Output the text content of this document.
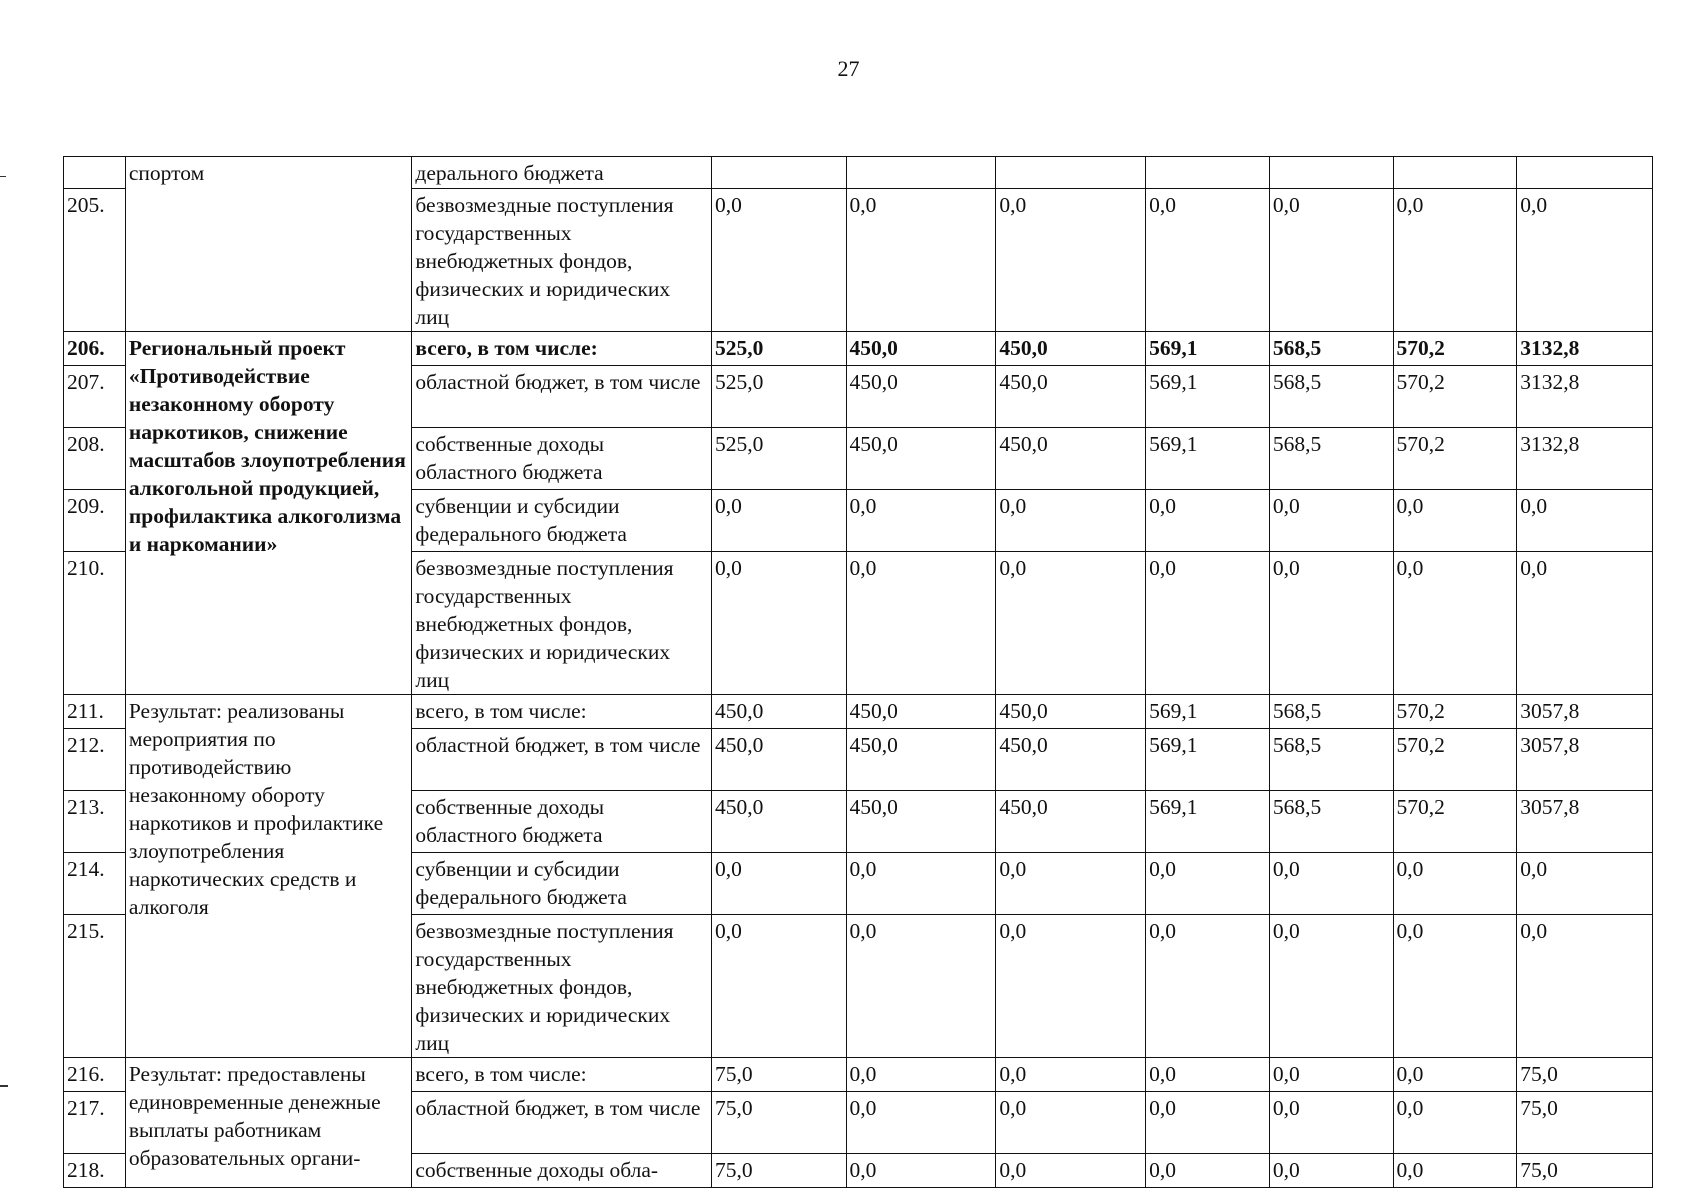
27
	спортом	дерального бюджета							
205.		безвозмездные поступления государственных внебюджетных фондов, физических и юридических лиц	0,0	0,0	0,0	0,0	0,0	0,0	0,0
206.	Региональный проект «Противодействие незаконному обороту наркотиков, снижение масштабов злоупотребления алкогольной продукцией, профилактика алкоголизма и наркомании»	всего, в том числе:	525,0	450,0	450,0	569,1	568,5	570,2	3132,8
207.		областной бюджет, в том числе	525,0	450,0	450,0	569,1	568,5	570,2	3132,8
208.		собственные доходы областного бюджета	525,0	450,0	450,0	569,1	568,5	570,2	3132,8
209.		субвенции и субсидии федерального бюджета	0,0	0,0	0,0	0,0	0,0	0,0	0,0
210.		безвозмездные поступления государственных внебюджетных фондов, физических и юридических лиц	0,0	0,0	0,0	0,0	0,0	0,0	0,0
211.	Результат: реализованы мероприятия по противодействию незаконному обороту наркотиков и профилактике злоупотребления наркотических средств и алкоголя	всего, в том числе:	450,0	450,0	450,0	569,1	568,5	570,2	3057,8
212.		областной бюджет, в том числе	450,0	450,0	450,0	569,1	568,5	570,2	3057,8
213.		собственные доходы областного бюджета	450,0	450,0	450,0	569,1	568,5	570,2	3057,8
214.		субвенции и субсидии федерального бюджета	0,0	0,0	0,0	0,0	0,0	0,0	0,0
215.		безвозмездные поступления государственных внебюджетных фондов, физических и юридических лиц	0,0	0,0	0,0	0,0	0,0	0,0	0,0
216.	Результат: предоставлены единовременные денежные выплаты работникам образовательных органи-	всего, в том числе:	75,0	0,0	0,0	0,0	0,0	0,0	75,0
217.		областной бюджет, в том числе	75,0	0,0	0,0	0,0	0,0	0,0	75,0
218.		собственные доходы обла-	75,0	0,0	0,0	0,0	0,0	0,0	75,0
